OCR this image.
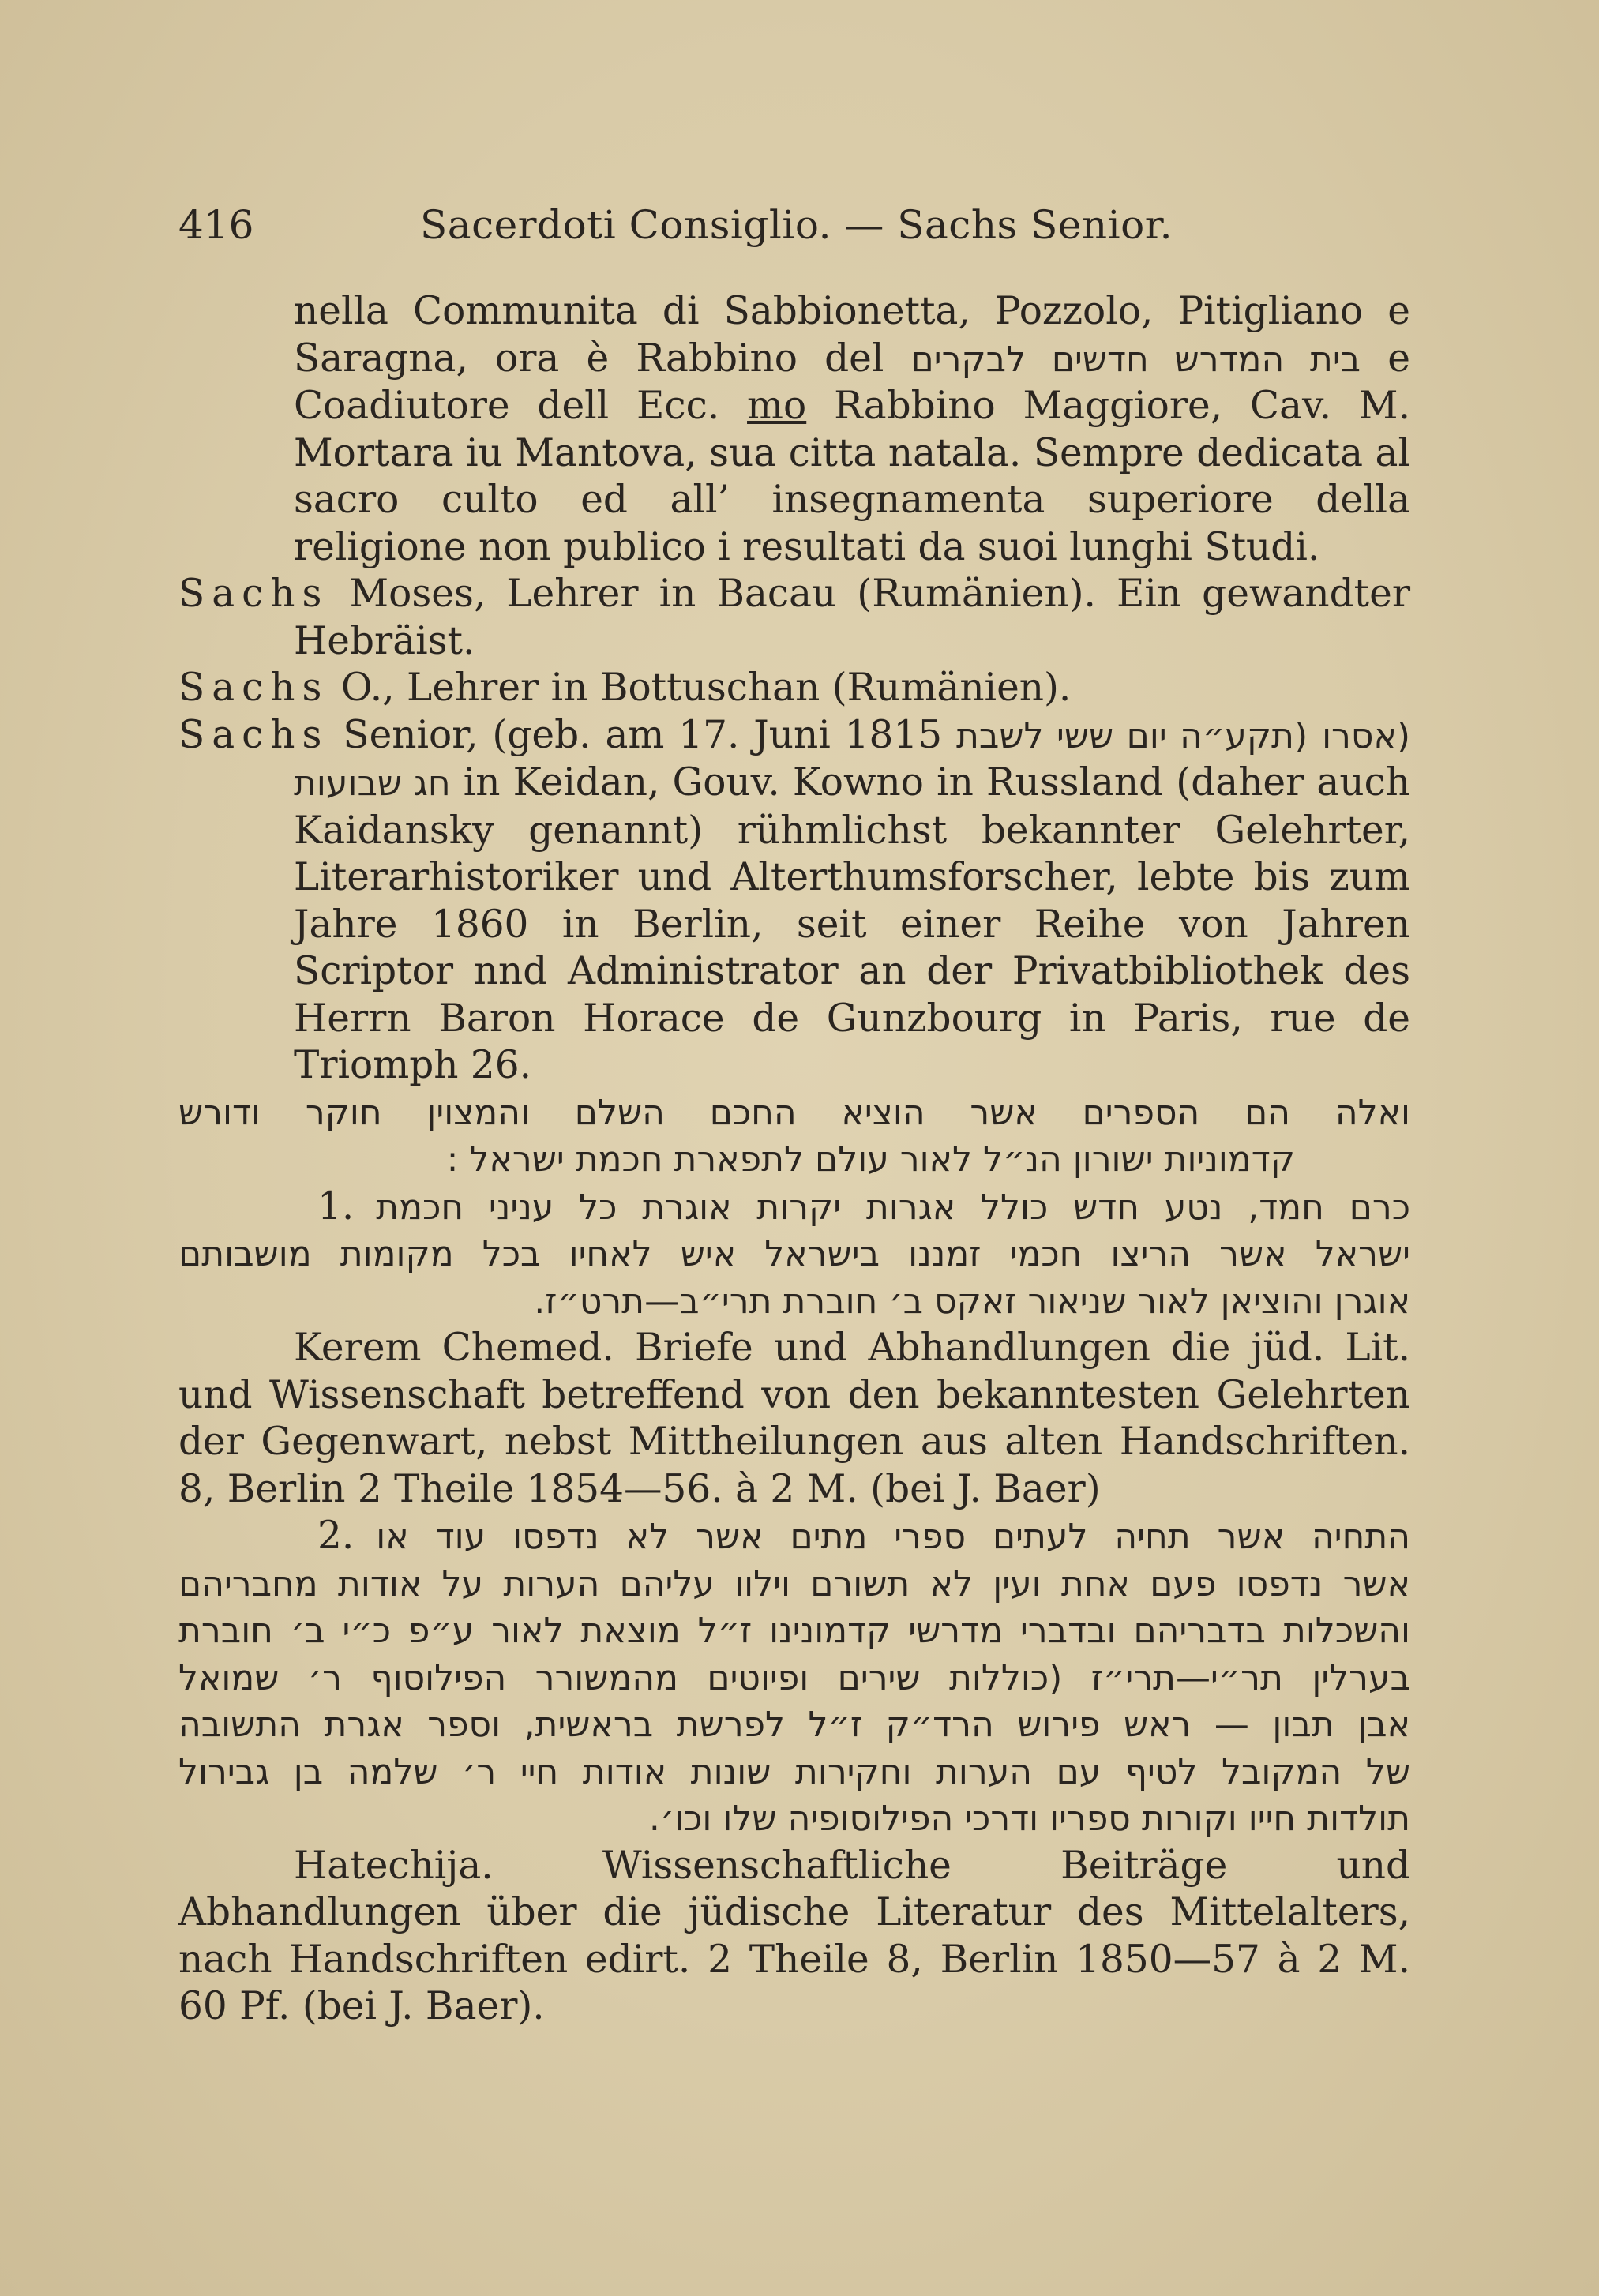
416	Sacerdoti Consiglio. — Sachs Senior.

nella Communita di Sabbionetta, Pozzolo, Pitigliano e Saragna, ora è Rabbino del בית המדרש חדשים לבקרים e Coadiutore dell Ecc. mo Rabbino Maggiore, Cav. M. Mortara iu Mantova, sua citta natala. Sempre dedicata al sacro culto ed all’ insegnamenta superiore della religione non publico i resultati da suoi lunghi Studi.

Sachs Moses, Lehrer in Bacau (Rumänien). Ein gewandter Hebräist.

Sachs O., Lehrer in Bottuschan (Rumänien).

Sachs Senior, (geb. am 17. Juni 1815 (תקע״ה יום ששי לשבת (אסרו חג שבועות in Keidan, Gouv. Kowno in Russland (daher auch Kaidansky genannt) rühmlichst bekannter Gelehrter, Literarhistoriker und Alterthumsforscher, lebte bis zum Jahre 1860 in Berlin, seit einer Reihe von Jahren Scriptor nnd Administrator an der Privatbibliothek des Herrn Baron Horace de Gunzbourg in Paris, rue de Triomph 26.

ואלה הם הספרים אשר הוציא החכם השלם והמצוין חוקר ודורש
קדמוניות ישורון הנ״ל לאור עולם לתפארת חכמת ישראל :
1. כרם חמד, נטע חדש כולל אגרות יקרות אוגרת כל עניני חכמת
ישראל אשר הריצו חכמי זמננו בישראל איש לאחיו בכל מקומות מושבותם
אוגרן והוציאן לאור שניאור זאקס ב׳ חוברת תרי״ב—תרט״ז.

Kerem Chemed. Briefe und Abhandlungen die jüd. Lit. und Wissenschaft betreffend von den bekanntesten Gelehrten der Gegenwart, nebst Mittheilungen aus alten Handschriften. 8, Berlin 2 Theile 1854—56. à 2 M. (bei J. Baer)

2. התחיה אשר תחיה לעתים ספרי מתים אשר לא נדפסו עוד או
אשר נדפסו פעם אחת ועין לא תשורם וילוו עליהם הערות על אודות מחבריהם
והשכלות בדבריהם ובדברי מדרשי קדמונינו ז״ל מוצאת לאור ע״פ כ״י ב׳ חוברת
בערלין תר״י—תרי״ז (כוללות שירים ופיוטים מהמשורר הפילוסוף ר׳ שמואל
אבן תבון — ראש פירוש הרד״ק ז״ל לפרשת בראשית, וספר אגרת התשובה
של המקובל לטיף עם הערות וחקירות שונות אודות חיי ר׳ שלמה בן גבירול
תולדות חייו וקורות ספריו ודרכי הפילוסופיה שלו וכו׳.

Hatechija. Wissenschaftliche Beiträge und Abhandlungen über die jüdische Literatur des Mittelalters, nach Handschriften edirt. 2 Theile 8, Berlin 1850—57 à 2 M. 60 Pf. (bei J. Baer).
